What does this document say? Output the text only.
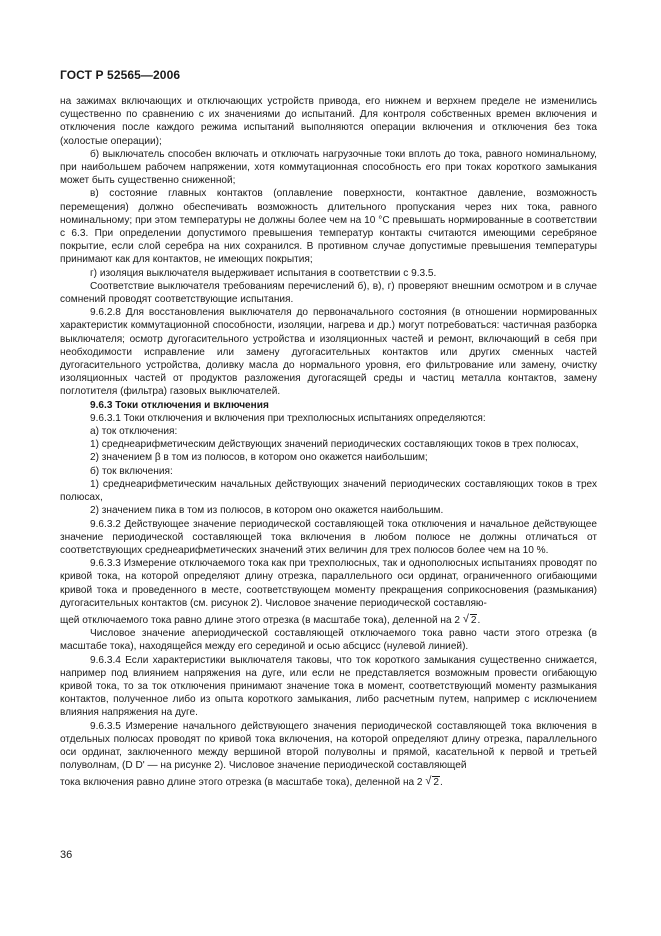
ГОСТ Р 52565—2006

на зажимах включающих и отключающих устройств привода, его нижнем и верхнем пределе не изменились существенно по сравнению с их значениями до испытаний. Для контроля собственных времен включения и отключения после каждого режима испытаний выполняются операции включения и отключения без тока (холостые операции);

б) выключатель способен включать и отключать нагрузочные токи вплоть до тока, равного номинальному, при наибольшем рабочем напряжении, хотя коммутационная способность его при токах короткого замыкания может быть существенно сниженной;

в) состояние главных контактов (оплавление поверхности, контактное давление, возможность перемещения) должно обеспечивать возможность длительного пропускания через них тока, равного номинальному; при этом температуры не должны более чем на 10 °С превышать нормированные в соответствии с 6.3. При определении допустимого превышения температур контакты считаются имеющими серебряное покрытие, если слой серебра на них сохранился. В противном случае допустимые превышения температуры принимают как для контактов, не имеющих покрытия;

г) изоляция выключателя выдерживает испытания в соответствии с 9.3.5.

Соответствие выключателя требованиям перечислений б), в), г) проверяют внешним осмотром и в случае сомнений проводят соответствующие испытания.

9.6.2.8 Для восстановления выключателя до первоначального состояния (в отношении нормированных характеристик коммутационной способности, изоляции, нагрева и др.) могут потребоваться: частичная разборка выключателя; осмотр дугогасительного устройства и изоляционных частей и ремонт, включающий в себя при необходимости исправление или замену дугогасительных контактов или других сменных частей дугогасительного устройства, доливку масла до нормального уровня, его фильтрование или замену, очистку изоляционных частей от продуктов разложения дугогасящей среды и частиц металла контактов, замену поглотителя (фильтра) газовых выключателей.

9.6.3 Токи отключения и включения

9.6.3.1 Токи отключения и включения при трехполюсных испытаниях определяются:

а) ток отключения:

1) среднеарифметическим действующих значений периодических составляющих токов в трех полюсах,

2) значением β в том из полюсов, в котором оно окажется наибольшим;

б) ток включения:

1) среднеарифметическим начальных действующих значений периодических составляющих токов в трех полюсах,

2) значением пика в том из полюсов, в котором оно окажется наибольшим.

9.6.3.2 Действующее значение периодической составляющей тока отключения и начальное действующее значение периодической составляющей тока включения в любом полюсе не должны отличаться от соответствующих среднеарифметических значений этих величин для трех полюсов более чем на 10 %.

9.6.3.3 Измерение отключаемого тока как при трехполюсных, так и однополюсных испытаниях проводят по кривой тока, на которой определяют длину отрезка, параллельного оси ординат, ограниченного огибающими кривой тока и проведенного в месте, соответствующем моменту прекращения соприкосновения (размыкания) дугогасительных контактов (см. рисунок 2). Числовое значение периодической составляю-

щей отключаемого тока равно длине этого отрезка (в масштабе тока), деленной на 2 √ 2.

Числовое значение апериодической составляющей отключаемого тока равно части этого отрезка (в масштабе тока), находящейся между его серединой и осью абсцисс (нулевой линией).

9.6.3.4 Если характеристики выключателя таковы, что ток короткого замыкания существенно снижается, например под влиянием напряжения на дуге, или если не представляется возможным провести огибающую кривой тока, то за ток отключения принимают значение тока в момент, соответствующий моменту размыкания контактов, полученное либо из опыта короткого замыкания, либо расчетным путем, например с исключением влияния напряжения на дуге.

9.6.3.5 Измерение начального действующего значения периодической составляющей тока включения в отдельных полюсах проводят по кривой тока включения, на которой определяют длину отрезка, параллельного оси ординат, заключенного между вершиной второй полуволны и прямой, касательной к первой и третьей полуволнам, (D D' — на рисунке 2). Числовое значение периодической составляющей

тока включения равно длине этого отрезка (в масштабе тока), деленной на 2 √ 2.

36
